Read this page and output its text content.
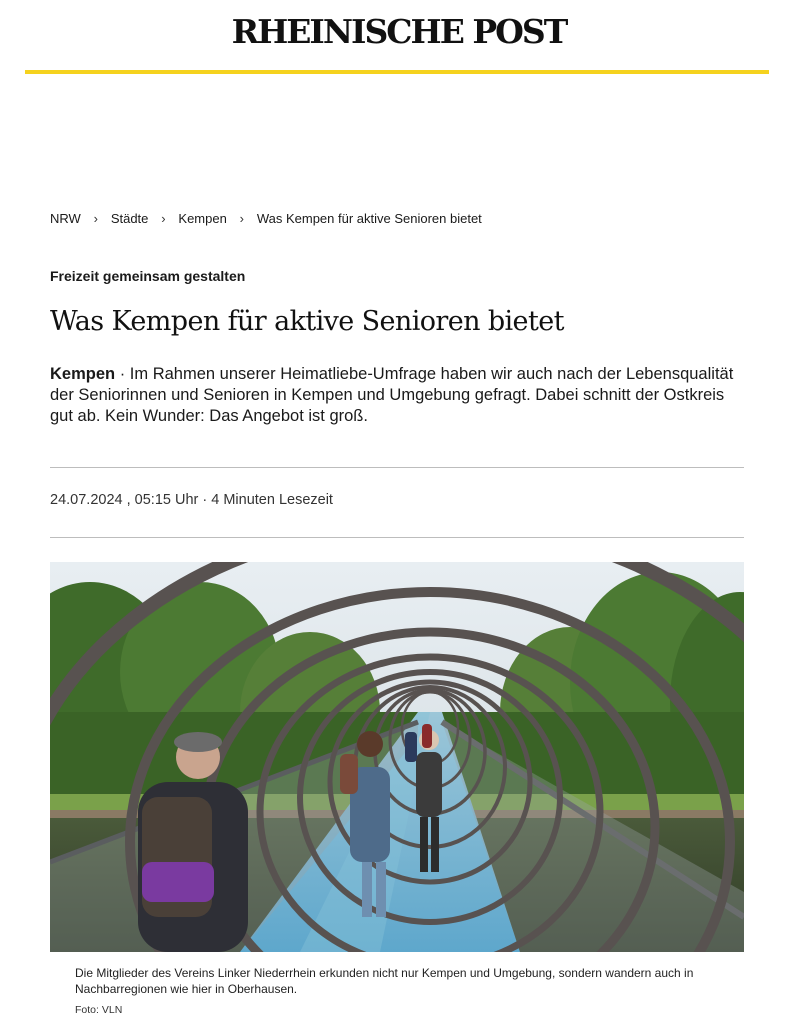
RHEINISCHE POST
NRW › Städte › Kempen › Was Kempen für aktive Senioren bietet
Freizeit gemeinsam gestalten
Was Kempen für aktive Senioren bietet

Kempen · Im Rahmen unserer Heimatliebe-Umfrage haben wir auch nach der Lebensqualität der Seniorinnen und Senioren in Kempen und Umgebung gefragt. Dabei schnitt der Ostkreis gut ab. Kein Wunder: Das Angebot ist groß.

24.07.2024 , 05:15 Uhr · 4 Minuten Lesezeit

Die Mitglieder des Vereins Linker Niederrhein erkunden nicht nur Kempen und Umgebung, sondern wandern auch in Nachbarregionen wie hier in Oberhausen.

Foto: VLN
